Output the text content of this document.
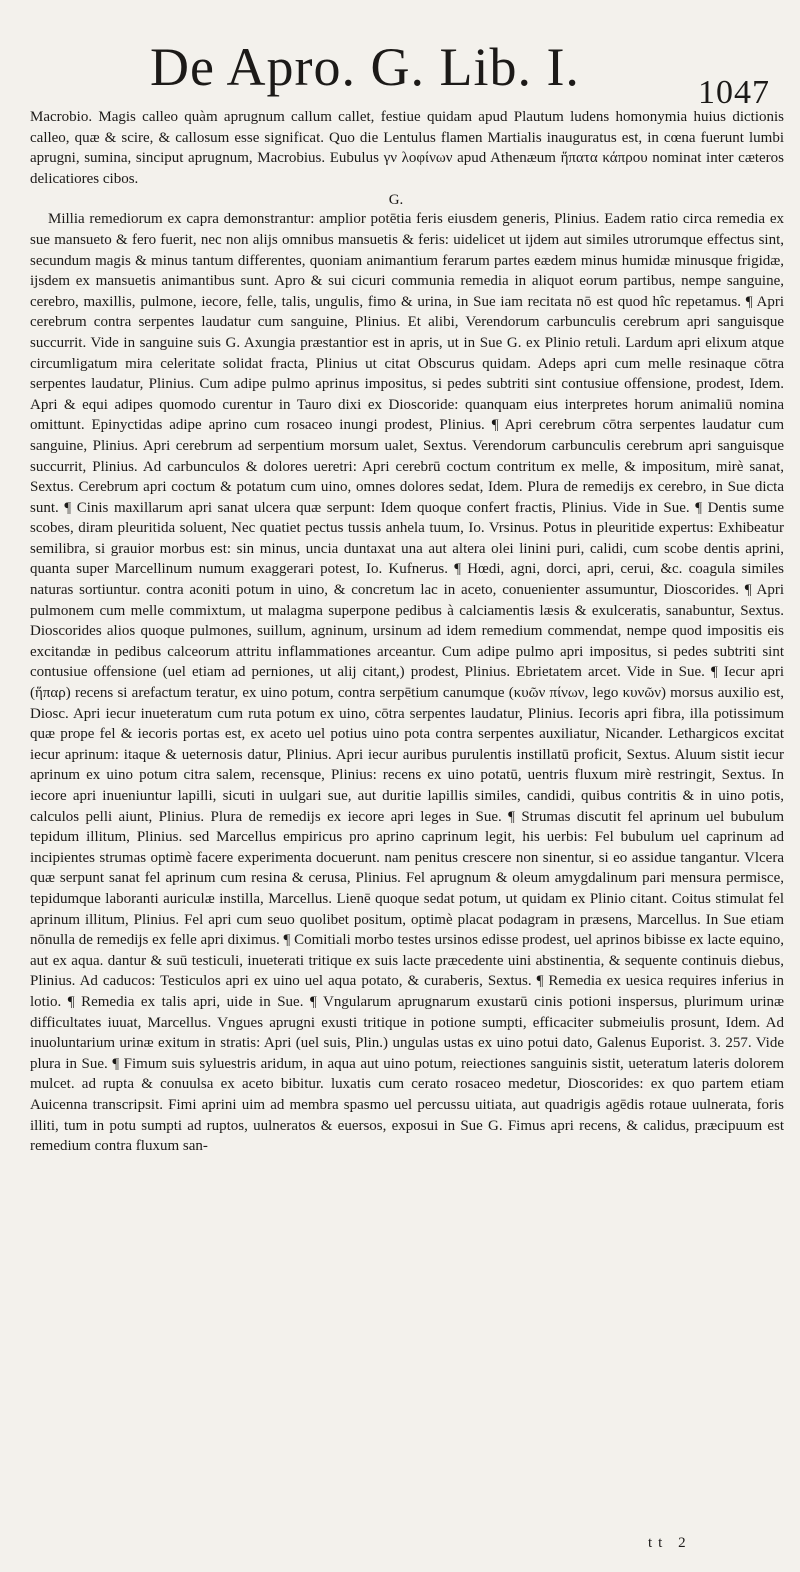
De Apro. G. Lib. I.	1047

Macrobio. Magis calleo quàm aprugnum callum callet, festiue quidam apud Plautum ludens homonymia huius dictionis calleo, quæ & scire, & callosum esse significat. Quo die Lentulus flamen Martialis inauguratus est, in cœna fuerunt lumbi aprugni, sumina, sinciput aprugnum, Macrobius. Eubulus γν λοφίνων apud Athenæum ἥπατα κάπρου nominat inter cæteros delicatiores cibos.

G.

Millia remediorum ex capra demonstrantur: amplior potētia feris eiusdem generis, Plinius. Eadem ratio circa remedia ex sue mansueto & fero fuerit, nec non alijs omnibus mansuetis & feris: uidelicet ut ijdem aut similes utrorumque effectus sint, secundum magis & minus tantum differentes, quoniam animantium ferarum partes eædem minus humidæ minusque frigidæ, ijsdem ex mansuetis animantibus sunt. Apro & sui cicuri communia remedia in aliquot eorum partibus, nempe sanguine, cerebro, maxillis, pulmone, iecore, felle, talis, ungulis, fimo & urina, in Sue iam recitata nō est quod hîc repetamus. ¶ Apri cerebrum contra serpentes laudatur cum sanguine, Plinius. Et alibi, Verendorum carbunculis cerebrum apri sanguisque succurrit. Vide in sanguine suis G. Axungia præstantior est in apris, ut in Sue G. ex Plinio retuli. Lardum apri elixum atque circumligatum mira celeritate solidat fracta, Plinius ut citat Obscurus quidam. Adeps apri cum melle resinaque cōtra serpentes laudatur, Plinius. Cum adipe pulmo aprinus impositus, si pedes subtriti sint contusiue offensione, prodest, Idem. Apri & equi adipes quomodo curentur in Tauro dixi ex Dioscoride: quanquam eius interpretes horum animaliū nomina omittunt. Epinyctidas adipe aprino cum rosaceo inungi prodest, Plinius. ¶ Apri cerebrum cōtra serpentes laudatur cum sanguine, Plinius. Apri cerebrum ad serpentium morsum ualet, Sextus. Verendorum carbunculis cerebrum apri sanguisque succurrit, Plinius. Ad carbunculos & dolores ueretri: Apri cerebrū coctum contritum ex melle, & impositum, mirè sanat, Sextus. Cerebrum apri coctum & potatum cum uino, omnes dolores sedat, Idem. Plura de remedijs ex cerebro, in Sue dicta sunt. ¶ Cinis maxillarum apri sanat ulcera quæ serpunt: Idem quoque confert fractis, Plinius. Vide in Sue. ¶ Dentis sume scobes, diram pleuritida soluent, Nec quatiet pectus tussis anhela tuum, Io. Vrsinus. Potus in pleuritide expertus: Exhibeatur semilibra, si grauior morbus est: sin minus, uncia duntaxat una aut altera olei linini puri, calidi, cum scobe dentis aprini, quanta super Marcellinum numum exaggerari potest, Io. Kufnerus. ¶ Hœdi, agni, dorci, apri, cerui, &c. coagula similes naturas sortiuntur. contra aconiti potum in uino, & concretum lac in aceto, conuenienter assumuntur, Dioscorides. ¶ Apri pulmonem cum melle commixtum, ut malagma superpone pedibus à calciamentis læsis & exulceratis, sanabuntur, Sextus. Dioscorides alios quoque pulmones, suillum, agninum, ursinum ad idem remedium commendat, nempe quod impositis eis excitandæ in pedibus calceorum attritu inflammationes arceantur. Cum adipe pulmo apri impositus, si pedes subtriti sint contusiue offensione (uel etiam ad perniones, ut alij citant,) prodest, Plinius. Ebrietatem arcet. Vide in Sue. ¶ Iecur apri (ἥπαρ) recens si arefactum teratur, ex uino potum, contra serpētium canumque (κυῶν πίνων, lego κυνῶν) morsus auxilio est, Diosc. Apri iecur inueteratum cum ruta potum ex uino, cōtra serpentes laudatur, Plinius. Iecoris apri fibra, illa potissimum quæ prope fel & iecoris portas est, ex aceto uel potius uino pota contra serpentes auxiliatur, Nicander. Lethargicos excitat iecur aprinum: itaque & ueternosis datur, Plinius. Apri iecur auribus purulentis instillatū proficit, Sextus. Aluum sistit iecur aprinum ex uino potum citra salem, recensque, Plinius: recens ex uino potatū, uentris fluxum mirè restringit, Sextus. In iecore apri inueniuntur lapilli, sicuti in uulgari sue, aut duritie lapillis similes, candidi, quibus contritis & in uino potis, calculos pelli aiunt, Plinius. Plura de remedijs ex iecore apri leges in Sue. ¶ Strumas discutit fel aprinum uel bubulum tepidum illitum, Plinius. sed Marcellus empiricus pro aprino caprinum legit, his uerbis: Fel bubulum uel caprinum ad incipientes strumas optimè facere experimenta docuerunt. nam penitus crescere non sinentur, si eo assidue tangantur. Vlcera quæ serpunt sanat fel aprinum cum resina & cerusa, Plinius. Fel aprugnum & oleum amygdalinum pari mensura permisce, tepidumque laboranti auriculæ instilla, Marcellus. Lienē quoque sedat potum, ut quidam ex Plinio citant. Coitus stimulat fel aprinum illitum, Plinius. Fel apri cum seuo quolibet positum, optimè placat podagram in præsens, Marcellus. In Sue etiam nōnulla de remedijs ex felle apri diximus. ¶ Comitiali morbo testes ursinos edisse prodest, uel aprinos bibisse ex lacte equino, aut ex aqua. dantur & suū testiculi, inueterati tritique ex suis lacte præcedente uini abstinentia, & sequente continuis diebus, Plinius. Ad caducos: Testiculos apri ex uino uel aqua potato, & curaberis, Sextus. ¶ Remedia ex uesica requires inferius in lotio. ¶ Remedia ex talis apri, uide in Sue. ¶ Vngularum aprugnarum exustarū cinis potioni inspersus, plurimum urinæ difficultates iuuat, Marcellus. Vngues aprugni exusti tritique in potione sumpti, efficaciter submeiulis prosunt, Idem. Ad inuoluntarium urinæ exitum in stratis: Apri (uel suis, Plin.) ungulas ustas ex uino potui dato, Galenus Euporist. 3. 257. Vide plura in Sue. ¶ Fimum suis syluestris aridum, in aqua aut uino potum, reiectiones sanguinis sistit, ueteratum lateris dolorem mulcet. ad rupta & conuulsa ex aceto bibitur. luxatis cum cerato rosaceo medetur, Dioscorides: ex quo partem etiam Auicenna transcripsit. Fimi aprini uim ad membra spasmo uel percussu uitiata, aut quadrigis agēdis rotaue uulnerata, foris illiti, tum in potu sumpti ad ruptos, uulneratos & euersos, exposui in Sue G. Fimus apri recens, & calidus, præcipuum est remedium contra fluxum san-

tt 2
